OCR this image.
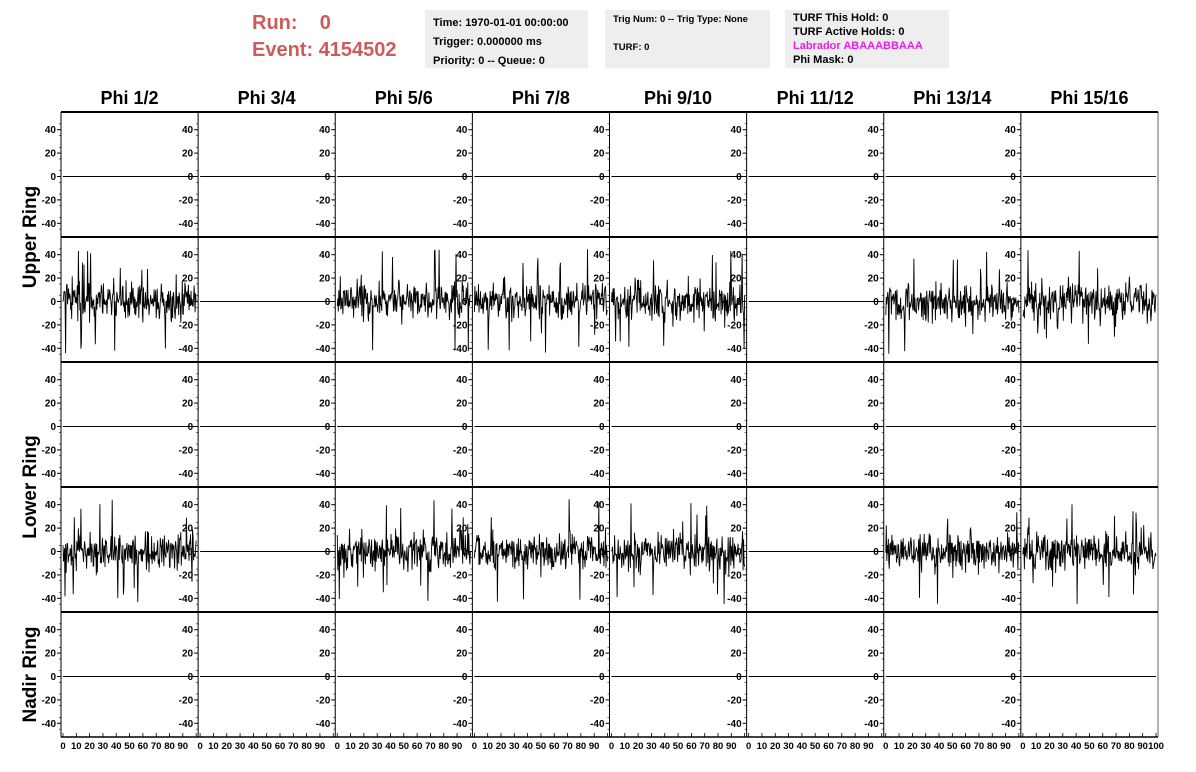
Run: 0
Event: 4154502
Time: 1970-01-01 00:00:00
Trigger: 0.000000 ms
Priority: 0 -- Queue: 0
Trig Num: 0 -- Trig Type: None
TURF: 0
TURF This Hold: 0
TURF Active Holds: 0
Labrador ABAAABBAAA
Phi Mask: 0
Phi 1/2	Phi 3/4	Phi 5/6	Phi 7/8	Phi 9/10	Phi 11/12	Phi 13/14	Phi 15/16
Upper Ring
Lower Ring
Nadir Ring
-40
-20
0
20
40
-40
-20
0
20
40
-40
-20
0
20
40
-40
-20
0
20
40
-40
-20
0
20
40
-40
-20
0
20
40
-40
-20
0
20
40
-40
-20
0
20
40
-40
-20
0
20
40
-40
-20
0
20
40
-40
-20
0
20
40
-40
-20
0
20
40
-40
-20
0
20
40
-40
-20
0
20
40
-40
-20
0
20
40
-40
-20
0
20
40
-40
-20
0
20
40
-40
-20
0
20
40
-40
-20
0
20
40
-40
-20
0
20
40
-40
-20
0
20
40
-40
-20
0
20
40
-40
-20
0
20
40
-40
-20
0
20
40
-40
-20
0
20
40
-40
-20
0
20
40
-40
-20
0
20
40
-40
-20
0
20
40
-40
-20
0
20
40
-40
-20
0
20
40
-40
-20
0
20
40
-40
-20
0
20
40
-40
-20
0
20
40
-40
-20
0
20
40
-40
-20
0
20
40
-40
-20
0
20
40
-40
-20
0
20
40
-40
-20
0
20
40
-40
-20
0
20
40
-40
-20
0
20
40
0 10 20 30 40 50 60 70 80 90 0 10 20 30 40 50 60 70 80 90 0 10 20 30 40 50 60 70 80 90 0 10 20 30 40 50 60 70 80 90 0 10 20 30 40 50 60 70 80 90 0 10 20 30 40 50 60 70 80 90 0 10 20 30 40 50 60 70 80 90 0 10 20 30 40 50 60 70 80 90 100
